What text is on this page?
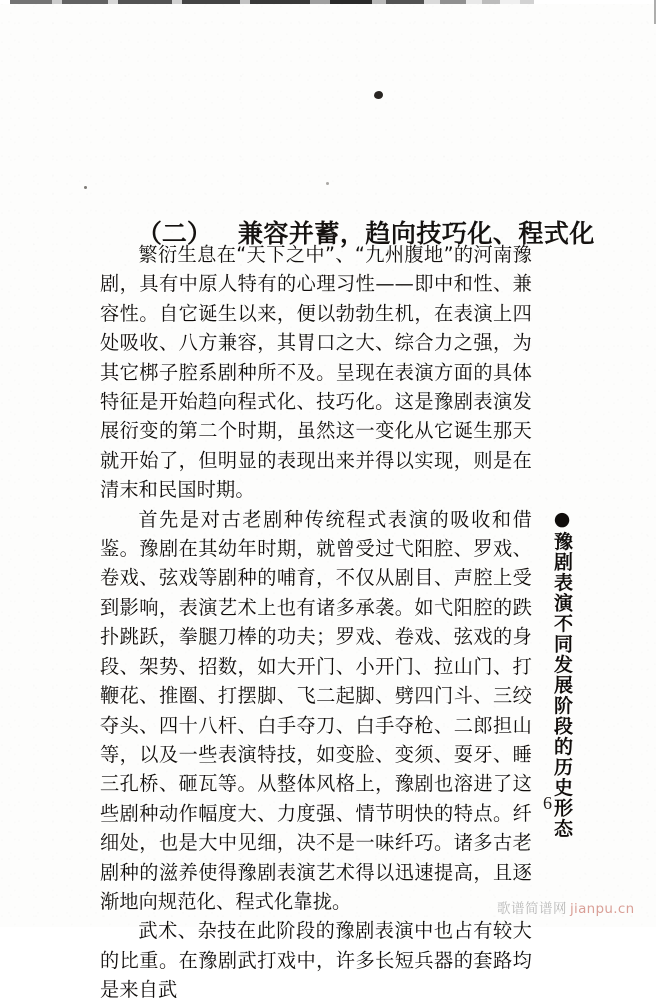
（二） 兼容并蓄，趋向技巧化、程式化

繁衍生息在“天下之中”、“九州腹地”的河南豫剧，具有中原人特有的心理习性——即中和性、兼容性。自它诞生以来，便以勃勃生机，在表演上四处吸收、八方兼容，其胃口之大、综合力之强，为其它梆子腔系剧种所不及。呈现在表演方面的具体特征是开始趋向程式化、技巧化。这是豫剧表演发展衍变的第二个时期，虽然这一变化从它诞生那天就开始了，但明显的表现出来并得以实现，则是在清末和民国时期。

首先是对古老剧种传统程式表演的吸收和借鉴。豫剧在其幼年时期，就曾受过弋阳腔、罗戏、卷戏、弦戏等剧种的哺育，不仅从剧目、声腔上受到影响，表演艺术上也有诸多承袭。如弋阳腔的跌扑跳跃，拳腿刀棒的功夫；罗戏、卷戏、弦戏的身段、架势、招数，如大开门、小开门、拉山门、打鞭花、推圈、打摆脚、飞二起脚、劈四门斗、三绞夺头、四十八杆、白手夺刀、白手夺枪、二郎担山等，以及一些表演特技，如变脸、变须、耍牙、睡三孔桥、砸瓦等。从整体风格上，豫剧也溶进了这些剧种动作幅度大、力度强、情节明快的特点。纤细处，也是大中见细，决不是一味纤巧。诸多古老剧种的滋养使得豫剧表演艺术得以迅速提高，且逐渐地向规范化、程式化靠拢。

武术、杂技在此阶段的豫剧表演中也占有较大的比重。在豫剧武打戏中，许多长短兵器的套路均是来自武

●豫剧表演不同发展阶段的历史形态
6
歌谱简谱网 jianpu.cn
